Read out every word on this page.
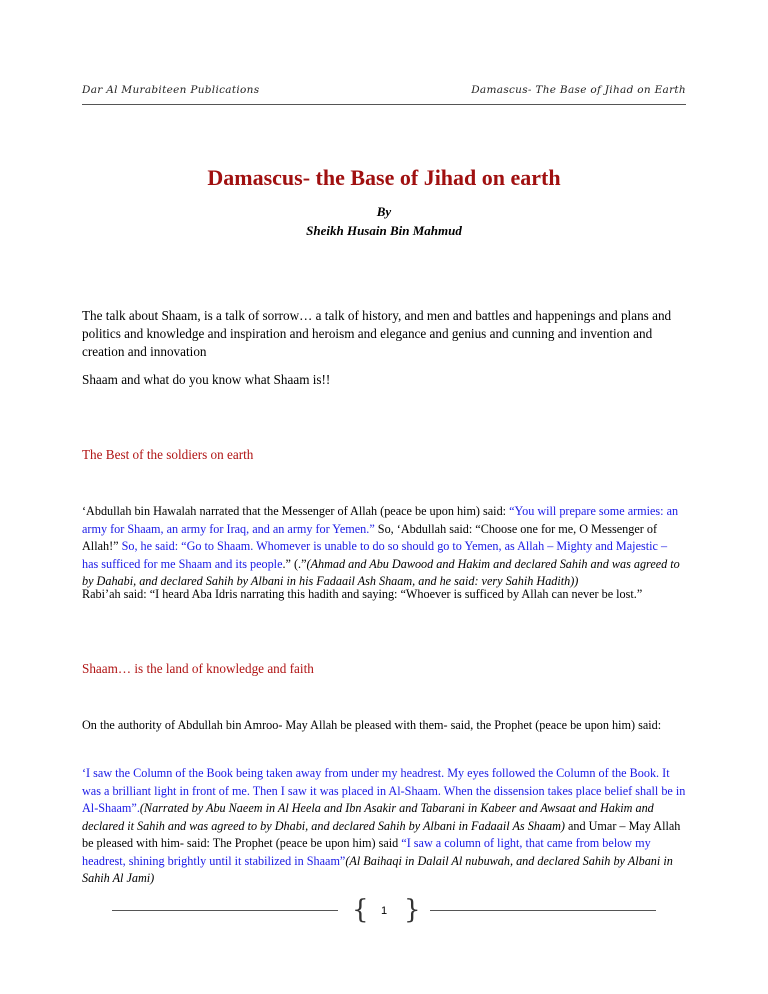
Dar Al Murabiteen Publications	Damascus- The Base of Jihad on Earth
Damascus- the Base of Jihad on earth
By
Sheikh Husain Bin Mahmud
The talk about Shaam, is a talk of sorrow… a talk of history, and men and battles and happenings and plans and politics and knowledge and inspiration and heroism and elegance and genius and cunning and invention and creation and innovation
Shaam and what do you know what Shaam is!!
The Best of the soldiers on earth
‘Abdullah bin Hawalah narrated that the Messenger of Allah (peace be upon him) said: “You will prepare some armies: an army for Shaam, an army for Iraq, and an army for Yemen.” So, ‘Abdullah said: “Choose one for me, O Messenger of Allah!” So, he said: “Go to Shaam. Whomever is unable to do so should go to Yemen, as Allah – Mighty and Majestic – has sufficed for me Shaam and its people.” (.”(Ahmad and Abu Dawood and Hakim and declared Sahih and was agreed to by Dahabi, and declared Sahih by Albani in his Fadaail Ash Shaam, and he said: very Sahih Hadith))
Rabi’ah said: “I heard Aba Idris narrating this hadith and saying: “Whoever is sufficed by Allah can never be lost.”
Shaam… is the land of knowledge and faith
On the authority of Abdullah bin Amroo- May Allah be pleased with them- said, the Prophet (peace be upon him) said:
‘I saw the Column of the Book being taken away from under my headrest. My eyes followed the Column of the Book. It was a brilliant light in front of me. Then I saw it was placed in Al-Shaam. When the dissension takes place belief shall be in Al-Shaam”.(Narrated by Abu Naeem in Al Heela and Ibn Asakir and Tabarani in Kabeer and Awsaat and Hakim and declared it Sahih and was agreed to by Dhabi, and declared Sahih by Albani in Fadaail As Shaam) and Umar – May Allah be pleased with him- said: The Prophet (peace be upon him) said “I saw a column of light, that came from below my headrest, shining brightly until it stabilized in Shaam”(Al Baihaqi in Dalail Al nubuwah, and declared Sahih by Albani in Sahih Al Jami)
{	1 }
